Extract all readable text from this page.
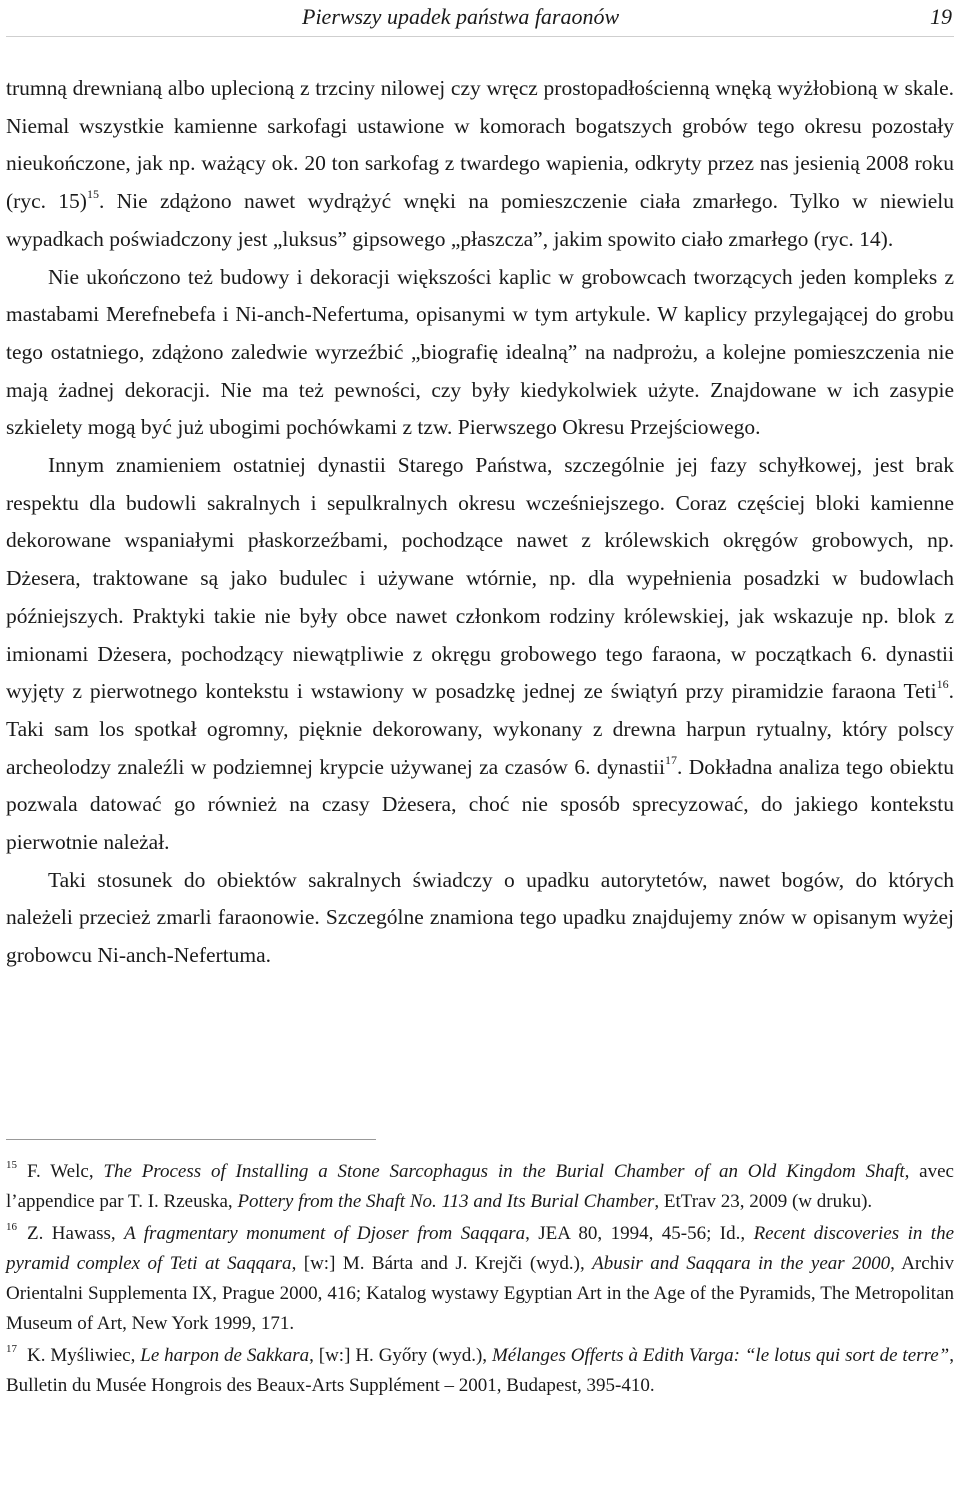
Pierwszy upadek państwa faraonów	19

trumną drewnianą albo uplecioną z trzciny nilowej czy wręcz prostopadłościenną wnęką wyżłobioną w skale. Niemal wszystkie kamienne sarkofagi ustawione w komorach bogatszych grobów tego okresu pozostały nieukończone, jak np. ważący ok. 20 ton sarkofag z twardego wapienia, odkryty przez nas jesienią 2008 roku (ryc. 15)$^{15}$. Nie zdążono nawet wydrążyć wnęki na pomieszczenie ciała zmarłego. Tylko w niewielu wypadkach poświadczony jest „luksus” gipsowego „płaszcza”, jakim spowito ciało zmarłego (ryc. 14).

Nie ukończono też budowy i dekoracji większości kaplic w grobowcach tworzących jeden kompleks z mastabami Merefnebefa i Ni-anch-Nefertuma, opisanymi w tym artykule. W kaplicy przylegającej do grobu tego ostatniego, zdążono zaledwie wyrzeźbić „biografię idealną” na nadprożu, a kolejne pomieszczenia nie mają żadnej dekoracji. Nie ma też pewności, czy były kiedykolwiek użyte. Znajdowane w ich zasypie szkielety mogą być już ubogimi pochówkami z tzw. Pierwszego Okresu Przejściowego.

Innym znamieniem ostatniej dynastii Starego Państwa, szczególnie jej fazy schyłkowej, jest brak respektu dla budowli sakralnych i sepulkralnych okresu wcześniejszego. Coraz częściej bloki kamienne dekorowane wspaniałymi płaskorzeźbami, pochodzące nawet z królewskich okręgów grobowych, np. Dżesera, traktowane są jako budulec i używane wtórnie, np. dla wypełnienia posadzki w budowlach późniejszych. Praktyki takie nie były obce nawet członkom rodziny królewskiej, jak wskazuje np. blok z imionami Dżesera, pochodzący niewątpliwie z okręgu grobowego tego faraona, w początkach 6. dynastii wyjęty z pierwotnego kontekstu i wstawiony w posadzkę jednej ze świątyń przy piramidzie faraona Teti$^{16}$. Taki sam los spotkał ogromny, pięknie dekorowany, wykonany z drewna harpun rytualny, który polscy archeolodzy znaleźli w podziemnej krypcie używanej za czasów 6. dynastii$^{17}$. Dokładna analiza tego obiektu pozwala datować go również na czasy Dżesera, choć nie sposób sprecyzować, do jakiego kontekstu pierwotnie należał.

Taki stosunek do obiektów sakralnych świadczy o upadku autorytetów, nawet bogów, do których należeli przecież zmarli faraonowie. Szczególne znamiona tego upadku znajdujemy znów w opisanym wyżej grobowcu Ni-anch-Nefertuma.

$^{15}$ F. Welc, The Process of Installing a Stone Sarcophagus in the Burial Chamber of an Old Kingdom Shaft, avec l’appendice par T. I. Rzeuska, Pottery from the Shaft No. 113 and Its Burial Chamber, EtTrav 23, 2009 (w druku).

$^{16}$ Z. Hawass, A fragmentary monument of Djoser from Saqqara, JEA 80, 1994, 45-56; Id., Recent discoveries in the pyramid complex of Teti at Saqqara, [w:] M. Bárta and J. Krejči (wyd.), Abusir and Saqqara in the year 2000, Archiv Orientalni Supplementa IX, Prague 2000, 416; Katalog wystawy Egyptian Art in the Age of the Pyramids, The Metropolitan Museum of Art, New York 1999, 171.

$^{17}$ K. Myśliwiec, Le harpon de Sakkara, [w:] H. Győry (wyd.), Mélanges Offerts à Edith Varga: “le lotus qui sort de terre”, Bulletin du Musée Hongrois des Beaux-Arts Supplément – 2001, Budapest, 395-410.
